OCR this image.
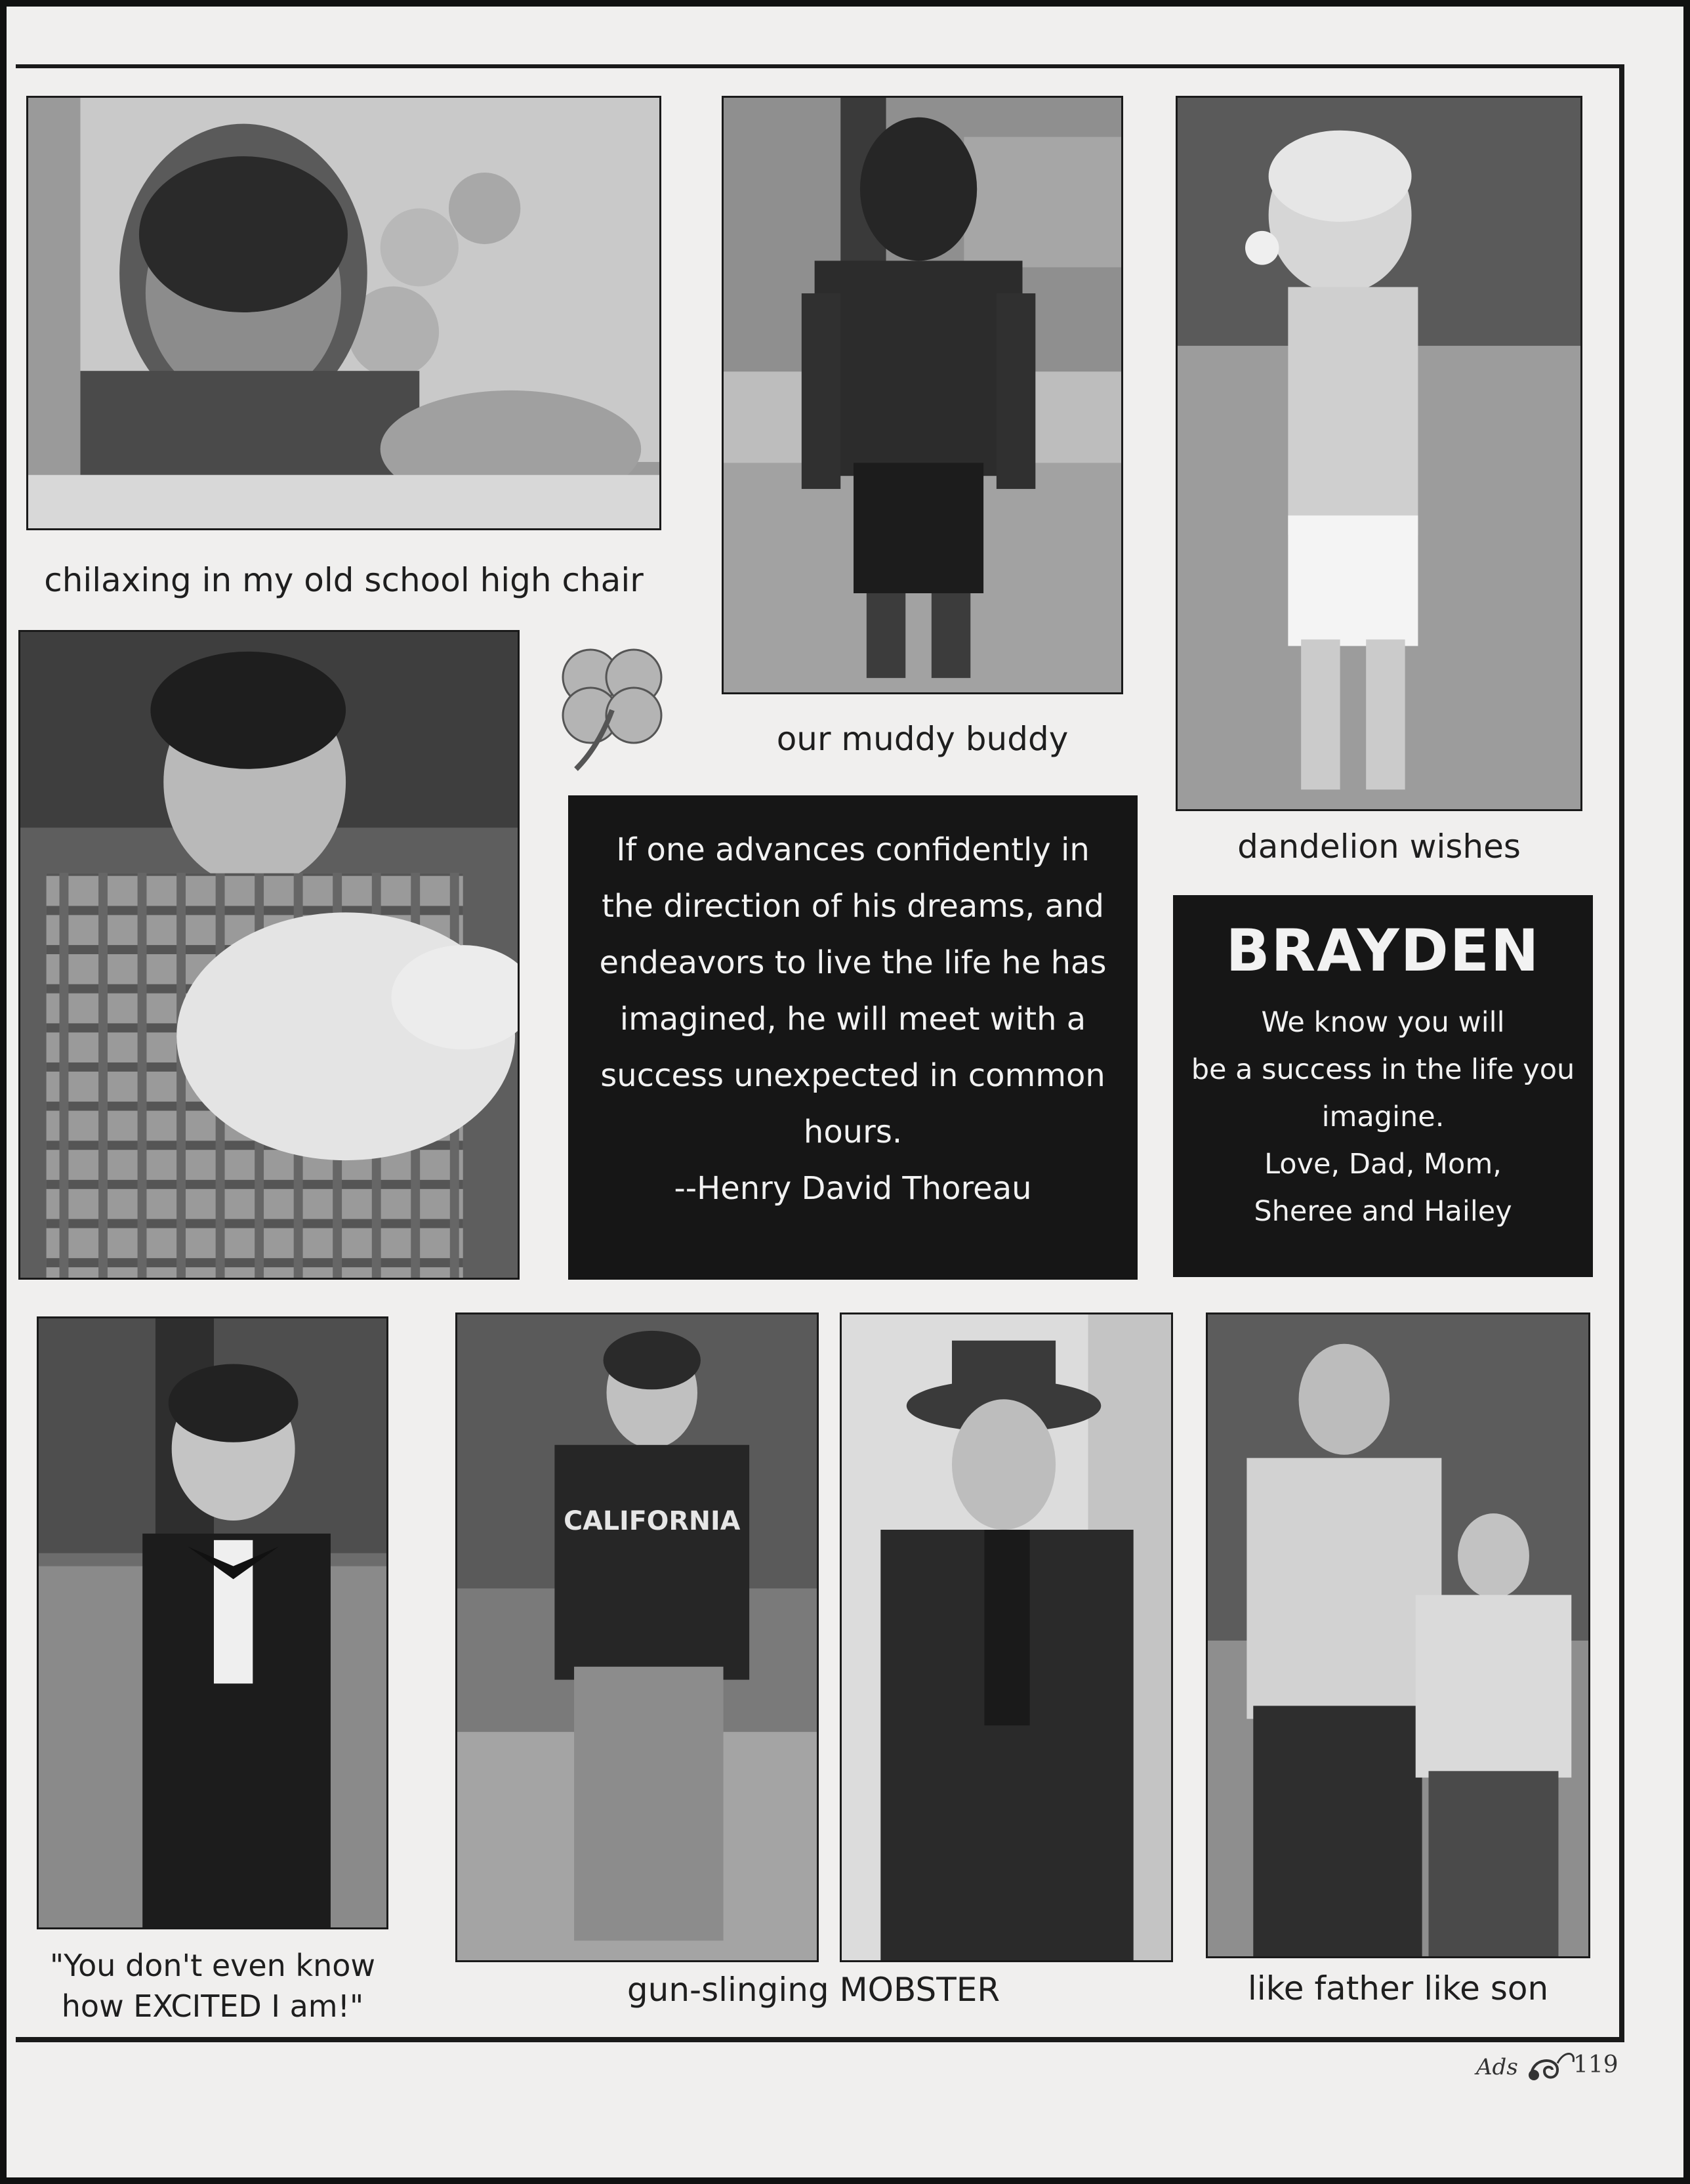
chilaxing in my old school high chair
our muddy buddy
dandelion wishes
If one advances confidently in
the direction of his dreams, and
endeavors to live the life he has
imagined, he will meet with a
success unexpected in common
hours.
--Henry David Thoreau
BRAYDEN
We know you will
be a success in the life you
imagine.
Love, Dad, Mom,
Sheree and Hailey
"You don't even know
how EXCITED I am!"
CALIFORNIA
gun-slinging MOBSTER	like father like son
Ads 119
